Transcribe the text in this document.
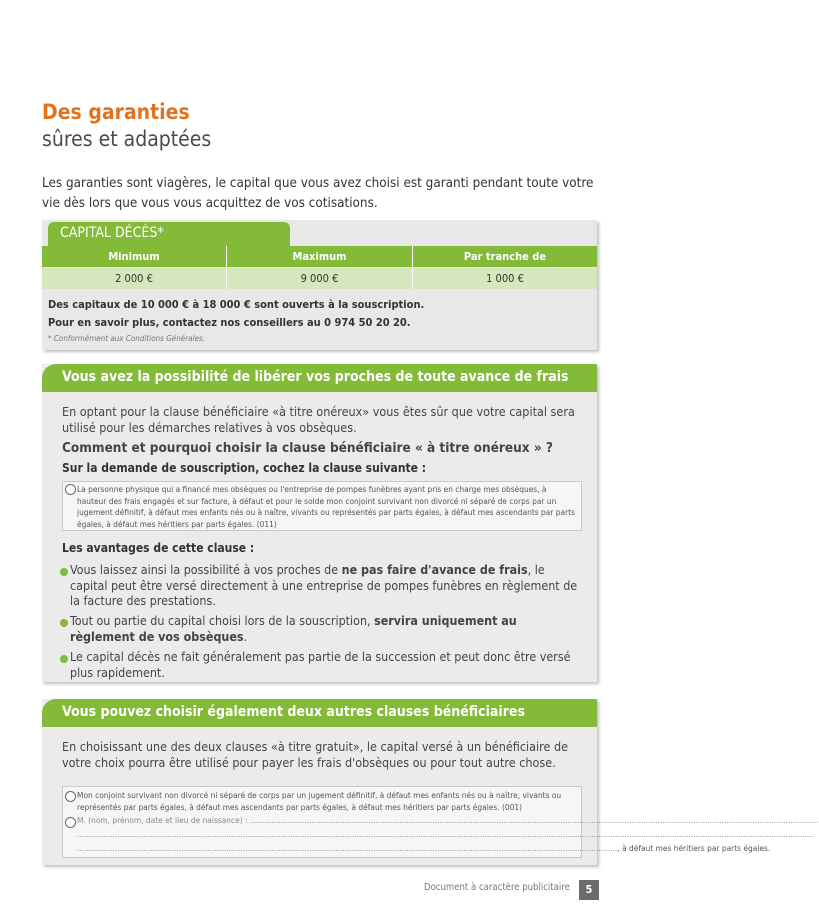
Des garanties
sûres et adaptées
Les garanties sont viagères, le capital que vous avez choisi est garanti pendant toute votre vie dès lors que vous vous acquittez de vos cotisations.
CAPITAL DÉCÈS*
Minimum	Maximum	Par tranche de
2 000 €	9 000 €	1 000 €
Des capitaux de 10 000 € à 18 000 € sont ouverts à la souscription.
Pour en savoir plus, contactez nos conseillers au 0 974 50 20 20.
* Conformément aux Conditions Générales.
Vous avez la possibilité de libérer vos proches de toute avance de frais
En optant pour la clause bénéficiaire «à titre onéreux» vous êtes sûr que votre capital sera utilisé pour les démarches relatives à vos obsèques.
Comment et pourquoi choisir la clause bénéficiaire « à titre onéreux » ?
Sur la demande de souscription, cochez la clause suivante :
La personne physique qui a financé mes obsèques ou l'entreprise de pompes funèbres ayant pris en charge mes obsèques, à hauteur des frais engagés et sur facture, à défaut et pour le solde mon conjoint survivant non divorcé ni séparé de corps par un jugement définitif, à défaut mes enfants nés ou à naître, vivants ou représentés par parts égales, à défaut mes ascendants par parts égales, à défaut mes héritiers par parts égales. (011)
Les avantages de cette clause :
Vous laissez ainsi la possibilité à vos proches de ne pas faire d'avance de frais, le capital peut être versé directement à une entreprise de pompes funèbres en règlement de la facture des prestations.
Tout ou partie du capital choisi lors de la souscription, servira uniquement au règlement de vos obsèques.
Le capital décès ne fait généralement pas partie de la succession et peut donc être versé plus rapidement.
Vous pouvez choisir également deux autres clauses bénéficiaires
En choisissant une des deux clauses «à titre gratuit», le capital versé à un bénéficiaire de votre choix pourra être utilisé pour payer les frais d'obsèques ou pour tout autre chose.
Mon conjoint survivant non divorcé ni séparé de corps par un jugement définitif, à défaut mes enfants nés ou à naître, vivants ou représentés par parts égales, à défaut mes ascendants par parts égales, à défaut mes héritiers par parts égales. (001)
M. (nom, prénom, date et lieu de naissance) : ................................................................................................................................................................................................................................................
.......................................................................................................................................................................................................................................................................................................................
.................................................................................................................................................................................................................................... , à défaut mes héritiers par parts égales.
Document à caractère publicitaire	5
